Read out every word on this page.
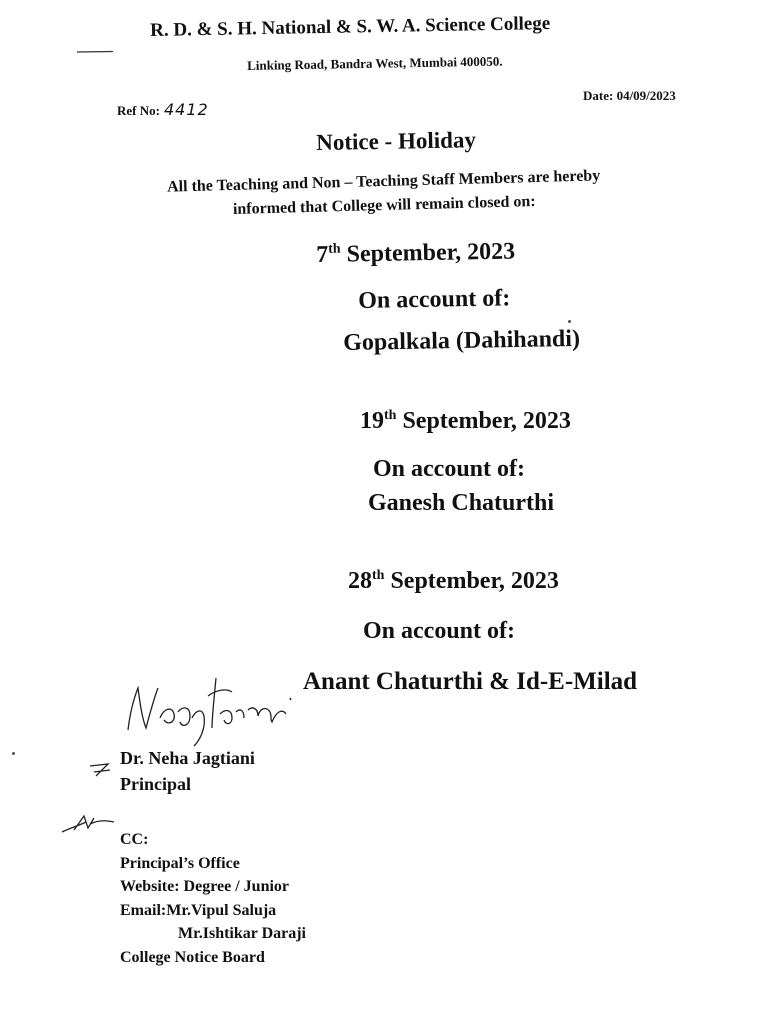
R. D. & S. H. National & S. W. A. Science College
Linking Road, Bandra West, Mumbai 400050.
Ref No: 4412
Date: 04/09/2023
Notice - Holiday
All the Teaching and Non – Teaching Staff Members are hereby
informed that College will remain closed on:
7th September, 2023
On account of:
Gopalkala (Dahihandi)
19th September, 2023
On account of:
Ganesh Chaturthi
28th September, 2023
On account of:
Anant Chaturthi & Id-E-Milad
Dr. Neha Jagtiani
Principal
CC:
Principal’s Office
Website: Degree / Junior
Email:Mr.Vipul Saluja
Mr.Ishtikar Daraji
College Notice Board
